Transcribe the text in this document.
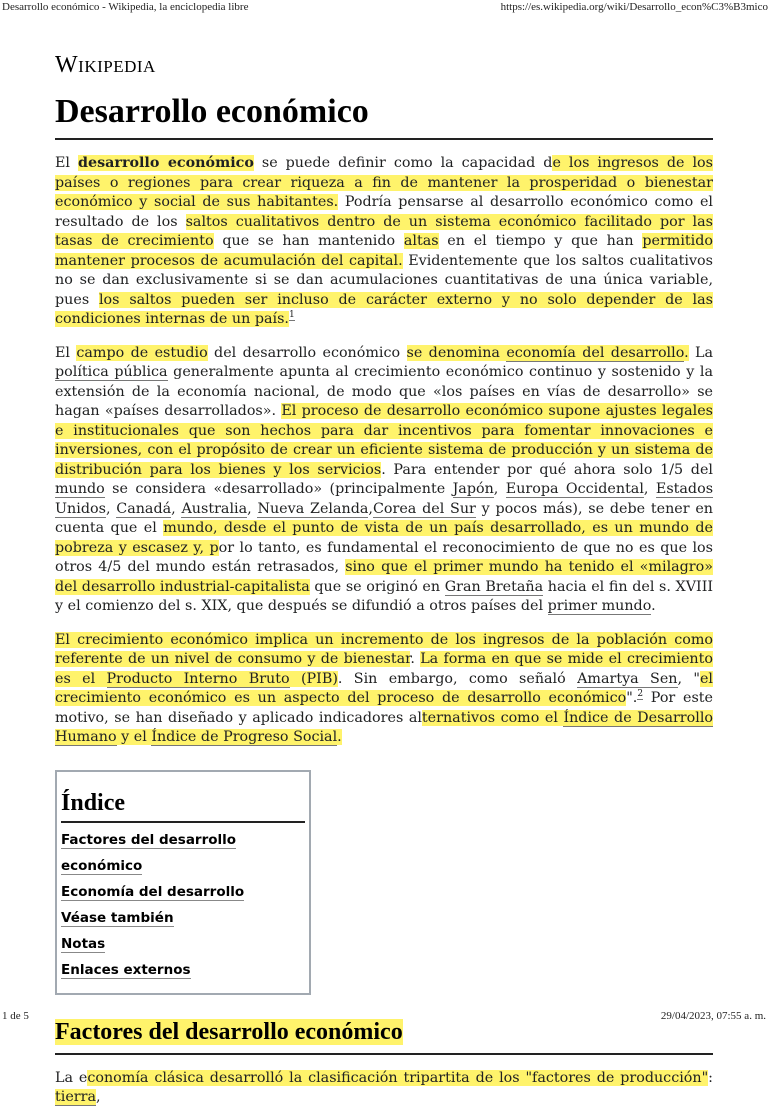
Desarrollo económico - Wikipedia, la enciclopedia libre	https://es.wikipedia.org/wiki/Desarrollo_econ%C3%B3mico
Wikipedia
Desarrollo económico

El desarrollo económico se puede definir como la capacidad de los ingresos de los países o regiones para crear riqueza a fin de mantener la prosperidad o bienestar económico y social de sus habitantes. Podría pensarse al desarrollo económico como el resultado de los saltos cualitativos dentro de un sistema económico facilitado por las tasas de crecimiento que se han mantenido altas en el tiempo y que han permitido mantener procesos de acumulación del capital. Evidentemente que los saltos cualitativos no se dan exclusivamente si se dan acumulaciones cuantitativas de una única variable, pues los saltos pueden ser incluso de carácter externo y no solo depender de las condiciones internas de un país.$^1$

El campo de estudio del desarrollo económico se denomina economía del desarrollo. La política pública generalmente apunta al crecimiento económico continuo y sostenido y la extensión de la economía nacional, de modo que «los países en vías de desarrollo» se hagan «países desarrollados». El proceso de desarrollo económico supone ajustes legales e institucionales que son hechos para dar incentivos para fomentar innovaciones e inversiones, con el propósito de crear un eficiente sistema de producción y un sistema de distribución para los bienes y los servicios. Para entender por qué ahora solo 1/5 del mundo se considera «desarrollado» (principalmente Japón, Europa Occidental, Estados Unidos, Canadá, Australia, Nueva Zelanda,Corea del Sur y pocos más), se debe tener en cuenta que el mundo, desde el punto de vista de un país desarrollado, es un mundo de pobreza y escasez y, por lo tanto, es fundamental el reconocimiento de que no es que los otros 4/5 del mundo están retrasados, sino que el primer mundo ha tenido el «milagro» del desarrollo industrial-capitalista que se originó en Gran Bretaña hacia el fin del s. XVIII y el comienzo del s. XIX, que después se difundió a otros países del primer mundo.

El crecimiento económico implica un incremento de los ingresos de la población como referente de un nivel de consumo y de bienestar. La forma en que se mide el crecimiento es el Producto Interno Bruto (PIB). Sin embargo, como señaló Amartya Sen, "el crecimiento económico es un aspecto del proceso de desarrollo económico".$^2$ Por este motivo, se han diseñado y aplicado indicadores alternativos como el Índice de Desarrollo Humano y el Índice de Progreso Social.

Índice
Factores del desarrollo económico
Economía del desarrollo
Véase también
Notas
Enlaces externos
Factores del desarrollo económico

La economía clásica desarrolló la clasificación tripartita de los "factores de producción": tierra,

1 de 5	29/04/2023, 07:55 a. m.
